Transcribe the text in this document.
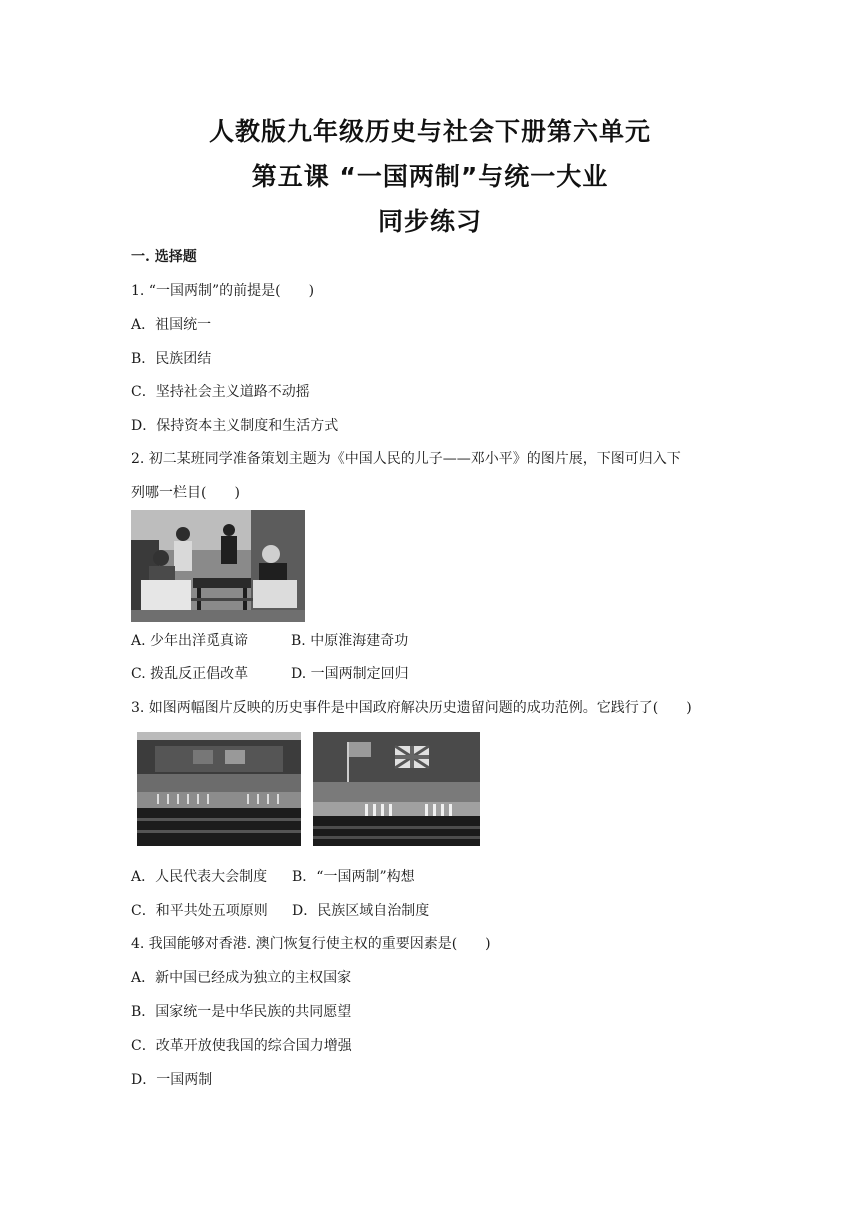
人教版九年级历史与社会下册第六单元
第五课 “一国两制”与统一大业
同步练习
一. 选择题
1. “一国两制”的前提是(　　)
A．祖国统一
B．民族团结
C．坚持社会主义道路不动摇
D．保持资本主义制度和生活方式
2. 初二某班同学准备策划主题为《中国人民的儿子——邓小平》的图片展，下图可归入下
列哪一栏目(　　)
A. 少年出洋觅真谛	B. 中原淮海建奇功
C. 拨乱反正倡改革	D. 一国两制定回归
3. 如图两幅图片反映的历史事件是中国政府解决历史遗留问题的成功范例。它践行了(　　)
A．人民代表大会制度 B．“一国两制”构想
C．和平共处五项原则 D．民族区域自治制度
4. 我国能够对香港. 澳门恢复行使主权的重要因素是(　　)
A．新中国已经成为独立的主权国家
B．国家统一是中华民族的共同愿望
C．改革开放使我国的综合国力增强
D．一国两制
